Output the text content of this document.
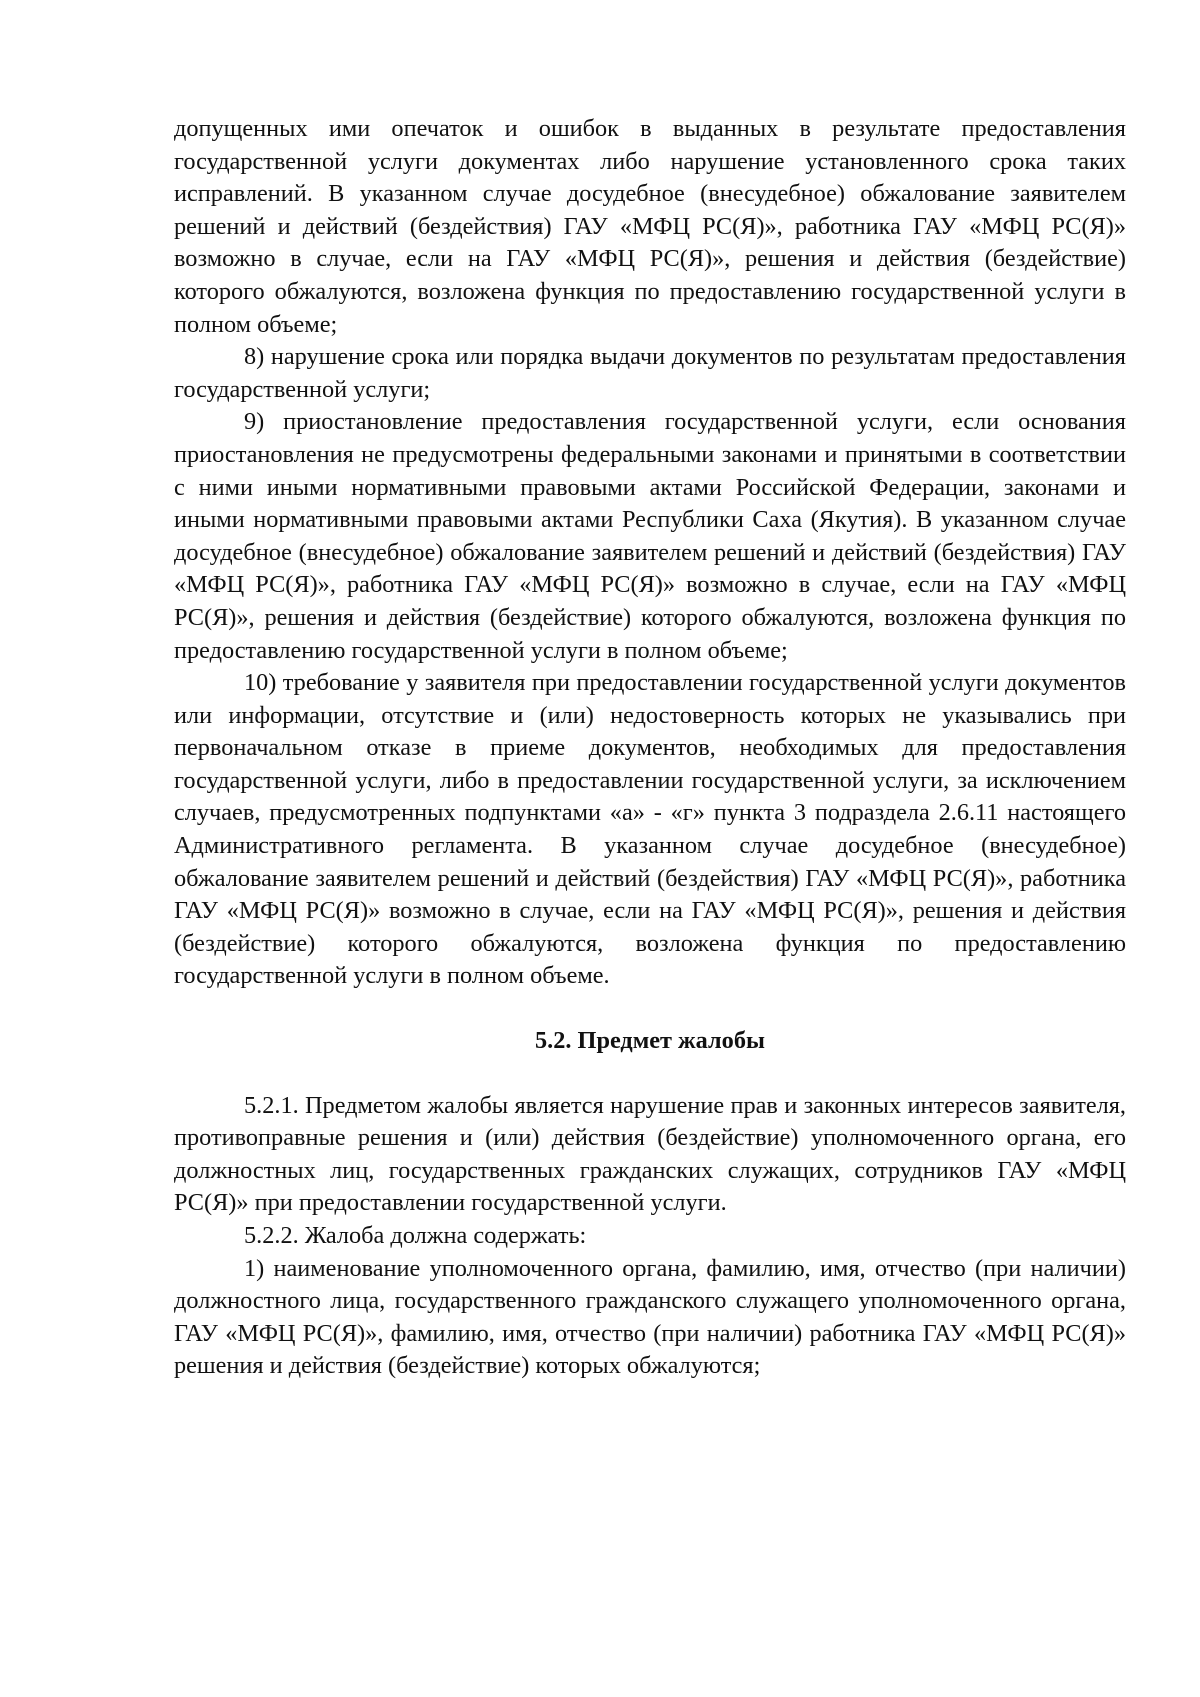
допущенных ими опечаток и ошибок в выданных в результате предоставления государственной услуги документах либо нарушение установленного срока таких исправлений. В указанном случае досудебное (внесудебное) обжалование заявителем решений и действий (бездействия) ГАУ «МФЦ РС(Я)», работника ГАУ «МФЦ РС(Я)» возможно в случае, если на ГАУ «МФЦ РС(Я)», решения и действия (бездействие) которого обжалуются, возложена функция по предоставлению государственной услуги в полном объеме;

8) нарушение срока или порядка выдачи документов по результатам предоставления государственной услуги;

9) приостановление предоставления государственной услуги, если основания приостановления не предусмотрены федеральными законами и принятыми в соответствии с ними иными нормативными правовыми актами Российской Федерации, законами и иными нормативными правовыми актами Республики Саха (Якутия). В указанном случае досудебное (внесудебное) обжалование заявителем решений и действий (бездействия) ГАУ «МФЦ РС(Я)», работника ГАУ «МФЦ РС(Я)» возможно в случае, если на ГАУ «МФЦ РС(Я)», решения и действия (бездействие) которого обжалуются, возложена функция по предоставлению государственной услуги в полном объеме;

10) требование у заявителя при предоставлении государственной услуги документов или информации, отсутствие и (или) недостоверность которых не указывались при первоначальном отказе в приеме документов, необходимых для предоставления государственной услуги, либо в предоставлении государственной услуги, за исключением случаев, предусмотренных подпунктами «а» - «г» пункта 3 подраздела 2.6.11 настоящего Административного регламента. В указанном случае досудебное (внесудебное) обжалование заявителем решений и действий (бездействия) ГАУ «МФЦ РС(Я)», работника ГАУ «МФЦ РС(Я)» возможно в случае, если на ГАУ «МФЦ РС(Я)», решения и действия (бездействие) которого обжалуются, возложена функция по предоставлению государственной услуги в полном объеме.

5.2. Предмет жалобы

5.2.1. Предметом жалобы является нарушение прав и законных интересов заявителя, противоправные решения и (или) действия (бездействие) уполномоченного органа, его должностных лиц, государственных гражданских служащих, сотрудников ГАУ «МФЦ РС(Я)» при предоставлении государственной услуги.

5.2.2. Жалоба должна содержать:

1) наименование уполномоченного органа, фамилию, имя, отчество (при наличии) должностного лица, государственного гражданского служащего уполномоченного органа, ГАУ «МФЦ РС(Я)», фамилию, имя, отчество (при наличии) работника ГАУ «МФЦ РС(Я)» решения и действия (бездействие) которых обжалуются;
